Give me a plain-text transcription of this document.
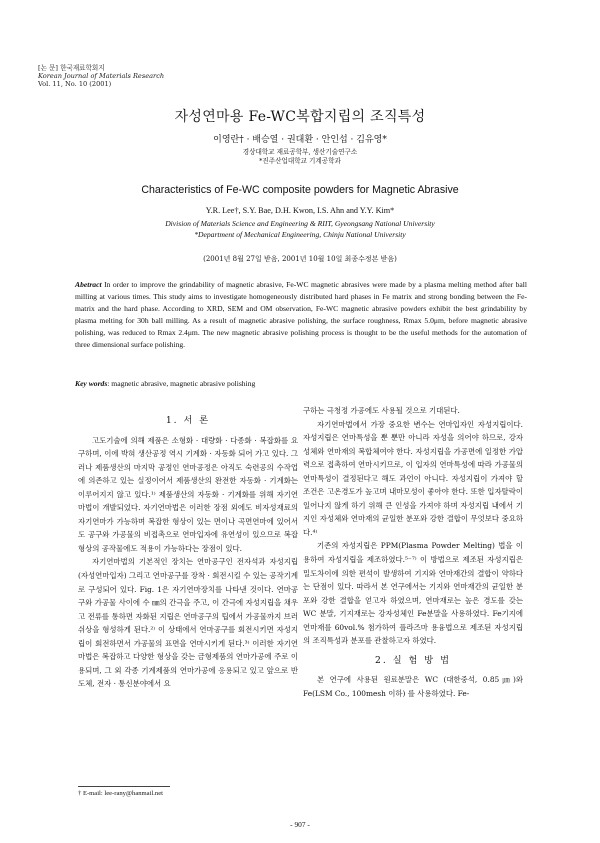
[논 문] 한국재료학회지
Korean Journal of Materials Research
Vol. 11, No. 10 (2001)
자성연마용 Fe-WC복합지립의 조직특성
이영란† · 배승열 · 권대환 · 안인섭 · 김유영*
경상대학교 재료공학부, 생산기술연구소
*진주산업대학교 기계공학과
Characteristics of Fe-WC composite powders for Magnetic Abrasive
Y.R. Lee†, S.Y. Bae, D.H. Kwon, I.S. Ahn and Y.Y. Kim*
Division of Materials Science and Engineering & RIIT, Gyeongsang National University
*Department of Mechanical Engineering, Chinju National University
(2001년 8월 27일 받음, 2001년 10월 10일 최종수정본 받음)
Abetract In order to improve the grindability of magnetic abrasive, Fe-WC magnetic abrasives were made by a plasma melting method after ball milling at various times. This study aims to investigate homogeneously distributed hard phases in Fe matrix and strong bonding between the Fe-matrix and the hard phase. According to XRD, SEM and OM observation, Fe-WC magnetic abrasive powders exhibit the best grindability by plasma melting for 30h ball milling. As a result of magnetic abrasive polishing, the surface roughness, Rmax 5.0μm, before magnetic abrasive polishing, was reduced to Rmax 2.4μm. The new magnetic abrasive polishing process is thought to be the useful methods for the automation of three dimensional surface polishing.
Key words: magnetic abrasive, magnetic abrasive polishing
1. 서 론

고도기술에 의해 제품은 소형화 · 대량화 · 다종화 · 복잡화를 요구하며, 이에 박혀 생산공정 역시 기계화 · 자동화 되어 가고 있다. 그러나 제품생산의 마지막 공정인 연마공정은 아직도 숙련공의 수작업에 의존하고 있는 실정이어서 제품생산의 완전한 자동화 · 기계화는 이루어지지 않고 있다.¹⁾ 제품생산의 자동화 · 기계화를 위해 자기연마법이 개발되었다. 자기연마법은 이러한 장점 외에도 비자성재료의 자기연마가 가능하며 복잡한 형상이 있는 면이나 곡면연마에 있어서도 공구와 가공물의 비접촉으로 연마입자에 유연성이 있으므로 복잡형상의 공작물에도 적용이 가능하다는 장점이 있다.

자기연마법의 기본적인 장치는 연마공구인 전자석과 자성지립(자성연마입자) 그리고 연마공구를 장착 · 회전시킬 수 있는 공작기계로 구성되어 있다. Fig. 1은 자기연마장치를 나타낸 것이다. 연마공구와 가공물 사이에 수 ㎜의 간극을 주고, 이 간극에 자성지립을 채우고 전류를 통하면 자화된 지립은 연마공구의 팁에서 가공물까지 브러쉬상을 형성하게 된다.²⁾ 이 상태에서 연마공구를 회전시키면 자성지립이 회전하면서 가공물의 표면을 연마시키게 된다.³⁾ 이러한 자기연마법은 복잡하고 다양한 형상을 갖는 금형제품의 연마가공에 주로 이용되며, 그 외 각종 기계제품의 연마가공에 응용되고 있고 앞으로 반도체, 전자 · 통신분야에서 요

구하는 극청정 가공에도 사용될 것으로 기대된다.

자기연마법에서 가장 중요한 변수는 연마입자인 자성지립이다. 자성지립은 연마특성을 뿐 뿐만 아니라 자성을 의어야 하므로, 강자성체와 연마재의 복합체여야 한다. 자성지립을 가공면에 일정한 가압력으로 접촉하여 연마시키므로, 이 입자의 연마특성에 따라 가공물의 연마특성이 결정된다고 해도 과언이 아니다. 자성지립이 가져야 할 조건은 고온경도가 높고며 내마모성이 좋아야 한다. 또한 입자탈락이 일어나지 않게 하기 위해 큰 인성을 가져야 하며 자성지립 내에서 기지인 자성체와 연마재의 균일한 분포와 강한 결합이 무엇보다 중요하다.⁴⁾

기존의 자성지립은 PPM(Plasma Powder Melting) 법을 이용하여 자성지립을 제조하였다.⁵⁻⁷⁾ 이 방법으로 제조된 자성지립은 밀도차이에 의한 편석이 발생하여 기지와 연마재간의 결합이 약하다는 단점이 있다. 따라서 본 연구에서는 기지와 연마재간의 균일한 분포와 강한 결합을 얻고자 하였으며, 연마재로는 높은 경도를 갖는 WC 분말, 기지재로는 강자성체인 Fe분말을 사용하였다. Fe기지에 연마재를 60vol.% 첨가하여 플라즈마 용융법으로 제조된 자성지립의 조직특성과 분포를 관찰하고자 하였다.

2. 실 험 방 법

본 연구에 사용된 원료분말은 WC (대한중석, 0.85㎛)와 Fe(LSM Co., 100mesh 이하) 를 사용하였다. Fe-

† E-mail: lee-rany@hanmail.net
- 907 -
